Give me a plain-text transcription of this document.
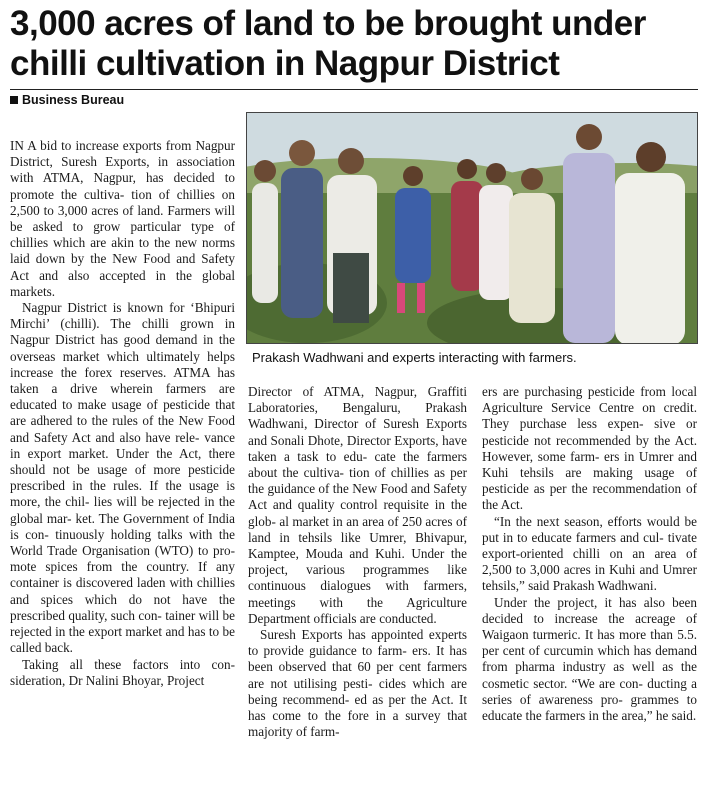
3,000 acres of land to be brought under
chilli cultivation in Nagpur District
Business Bureau

IN A bid to increase exports from Nagpur District, Suresh Exports, in association with ATMA, Nagpur, has decided to promote the cultiva- tion of chillies on 2,500 to 3,000 acres of land. Farmers will be asked to grow particular type of chillies which are akin to the new norms laid down by the New Food and Safety Act and also accepted in the global markets.

Nagpur District is known for ‘Bhipuri Mirchi’ (chilli). The chilli grown in Nagpur District has good demand in the overseas market which ultimately helps increase the forex reserves. ATMA has taken a drive wherein farmers are educated to make usage of pesticide that are adhered to the rules of the New Food and Safety Act and also have rele- vance in export market. Under the Act, there should not be usage of more pesticide prescribed in the rules. If the usage is more, the chil- lies will be rejected in the global mar- ket. The Government of India is con- tinuously holding talks with the World Trade Organisation (WTO) to pro- mote spices from the country. If any container is discovered laden with chillies and spices which do not have the prescribed quality, such con- tainer will be rejected in the export market and has to be called back.

Taking all these factors into con- sideration, Dr Nalini Bhoyar, Project

Prakash Wadhwani and experts interacting with farmers.

Director of ATMA, Nagpur, Graffiti Laboratories, Bengaluru, Prakash Wadhwani, Director of Suresh Exports and Sonali Dhote, Director Exports, have taken a task to edu- cate the farmers about the cultiva- tion of chillies as per the guidance of the New Food and Safety Act and quality control requisite in the glob- al market in an area of 250 acres of land in tehsils like Umrer, Bhivapur, Kamptee, Mouda and Kuhi. Under the project, various programmes like continuous dialogues with farmers, meetings with the Agriculture Department officials are conducted.

Suresh Exports has appointed experts to provide guidance to farm- ers. It has been observed that 60 per cent farmers are not utilising pesti- cides which are being recommend- ed as per the Act. It has come to the fore in a survey that majority of farm-

ers are purchasing pesticide from local Agriculture Service Centre on credit. They purchase less expen- sive or pesticide not recommended by the Act. However, some farm- ers in Umrer and Kuhi tehsils are making usage of pesticide as per the recommendation of the Act.

“In the next season, efforts would be put in to educate farmers and cul- tivate export-oriented chilli on an area of 2,500 to 3,000 acres in Kuhi and Umrer tehsils,” said Prakash Wadhwani.

Under the project, it has also been decided to increase the acreage of Waigaon turmeric. It has more than 5.5. per cent of curcumin which has demand from pharma industry as well as the cosmetic sector. “We are con- ducting a series of awareness pro- grammes to educate the farmers in the area,” he said.
